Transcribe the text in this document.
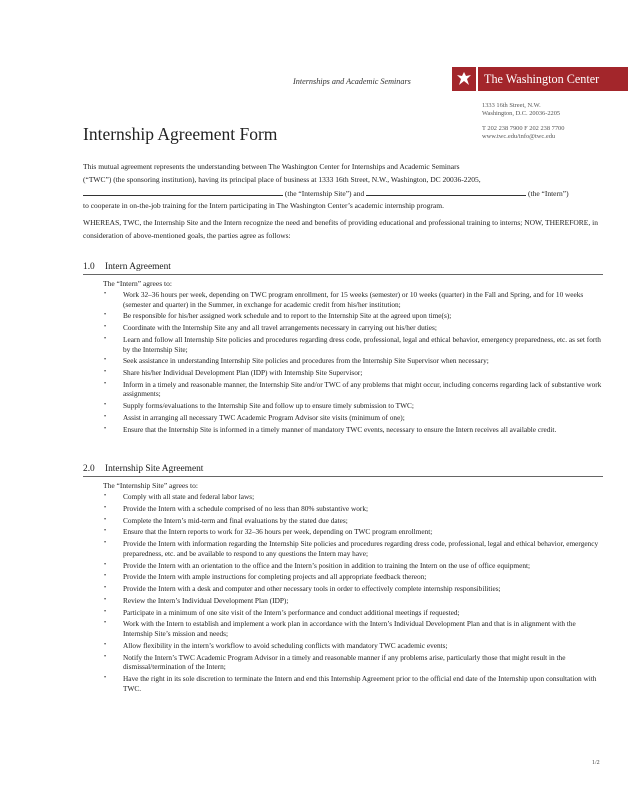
Internships and Academic Seminars	The Washington Center
1333 16th Street, N.W.
Washington, D.C. 20036-2205
T 202 238 7900 F 202 238 7700
www.twc.edu/info@twc.edu
Internship Agreement Form

This mutual agreement represents the understanding between The Washington Center for Internships and Academic Seminars

(“TWC”) (the sponsoring institution), having its principal place of business at 1333 16th Street, N.W., Washington, DC 20036-2205,

(the “Internship Site”) and	(the “Intern”)

to cooperate in on-the-job training for the Intern participating in The Washington Center’s academic internship program.

WHEREAS, TWC, the Internship Site and the Intern recognize the need and benefits of providing educational and professional training to interns; NOW, THEREFORE, in consideration of above-mentioned goals, the parties agree as follows:

1.0 Intern Agreement
The “Intern” agrees to:
• Work 32–36 hours per week, depending on TWC program enrollment, for 15 weeks (semester) or 10 weeks (quarter) in the Fall and Spring, and for 10 weeks (semester and quarter) in the Summer, in exchange for academic credit from his/her institution;
• Be responsible for his/her assigned work schedule and to report to the Internship Site at the agreed upon time(s);
• Coordinate with the Internship Site any and all travel arrangements necessary in carrying out his/her duties;
• Learn and follow all Internship Site policies and procedures regarding dress code, professional, legal and ethical behavior, emergency preparedness, etc. as set forth by the Internship Site;
• Seek assistance in understanding Internship Site policies and procedures from the Internship Site Supervisor when necessary;
• Share his/her Individual Development Plan (IDP) with Internship Site Supervisor;
• Inform in a timely and reasonable manner, the Internship Site and/or TWC of any problems that might occur, including concerns regarding lack of substantive work assignments;
• Supply forms/evaluations to the Internship Site and follow up to ensure timely submission to TWC;
• Assist in arranging all necessary TWC Academic Program Advisor site visits (minimum of one);
• Ensure that the Internship Site is informed in a timely manner of mandatory TWC events, necessary to ensure the Intern receives all available credit.
2.0 Internship Site Agreement
The “Internship Site” agrees to:
• Comply with all state and federal labor laws;
• Provide the Intern with a schedule comprised of no less than 80% substantive work;
• Complete the Intern’s mid-term and final evaluations by the stated due dates;
• Ensure that the Intern reports to work for 32–36 hours per week, depending on TWC program enrollment;
• Provide the Intern with information regarding the Internship Site policies and procedures regarding dress code, professional, legal and ethical behavior, emergency preparedness, etc. and be available to respond to any questions the Intern may have;
• Provide the Intern with an orientation to the office and the Intern’s position in addition to training the Intern on the use of office equipment;
• Provide the Intern with ample instructions for completing projects and all appropriate feedback thereon;
• Provide the Intern with a desk and computer and other necessary tools in order to effectively complete internship responsibilities;
• Review the Intern’s Individual Development Plan (IDP);
• Participate in a minimum of one site visit of the Intern’s performance and conduct additional meetings if requested;
• Work with the Intern to establish and implement a work plan in accordance with the Intern’s Individual Development Plan and that is in alignment with the Internship Site’s mission and needs;
• Allow flexibility in the intern’s workflow to avoid scheduling conflicts with mandatory TWC academic events;
• Notify the Intern’s TWC Academic Program Advisor in a timely and reasonable manner if any problems arise, particularly those that might result in the dismissal/termination of the Intern;
• Have the right in its sole discretion to terminate the Intern and end this Internship Agreement prior to the official end date of the Internship upon consultation with TWC.
1/2
